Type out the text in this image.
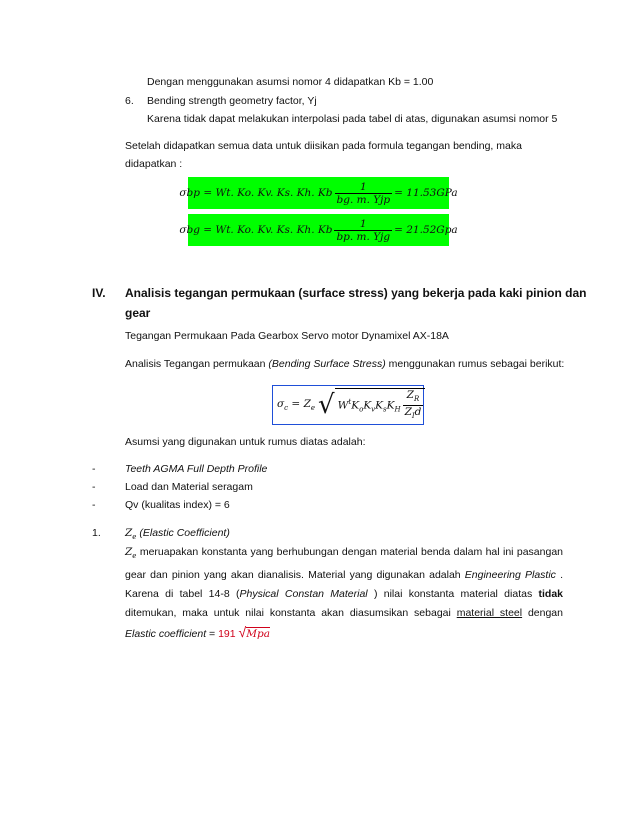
Dengan menggunakan asumsi nomor 4 didapatkan Kb = 1.00
6. Bending strength geometry factor, Yj
Karena tidak dapat melakukan interpolasi pada tabel di atas, digunakan asumsi nomor 5
Setelah didapatkan semua data untuk diisikan pada formula tegangan bending, maka
didapatkan :
σbp = Wt. Ko. Kv. Ks. Kh. Kb $\frac{1}{\text{bg. m. Yjp}} = 11.53GPa$
σbg = Wt. Ko. Kv. Ks. Kh. Kb $\frac{1}{\text{bp. m. Yjg}} = 21.52Gpa$
IV. Analisis tegangan permukaan (surface stress) yang bekerja pada kaki pinion dan
gear
Tegangan Permukaan Pada Gearbox Servo motor Dynamixel AX-18A
Analisis Tegangan permukaan (Bending Surface Stress) menggunakan rumus sebagai berikut:
$\sigma_c = Z_e$ √ $W^tK_oK_vK_sK_H \frac{Z_R}{Z_Id}$
Asumsi yang digunakan untuk rumus diatas adalah:
-	Teeth AGMA Full Depth Profile
-	Load dan Material seragam
-	Qv (kualitas index) = 6
1. $Z_e$ (Elastic Coefficient)
$Z_e$ meruapakan konstanta yang berhubungan dengan material benda dalam hal ini pasangan gear dan pinion yang akan dianalisis. Material yang digunakan adalah Engineering Plastic . Karena di tabel 14-8 (Physical Constan Material ) nilai konstanta material diatas tidak ditemukan, maka untuk nilai konstanta akan diasumsikan sebagai material steel dengan Elastic coefficient = 191 √Mpa
